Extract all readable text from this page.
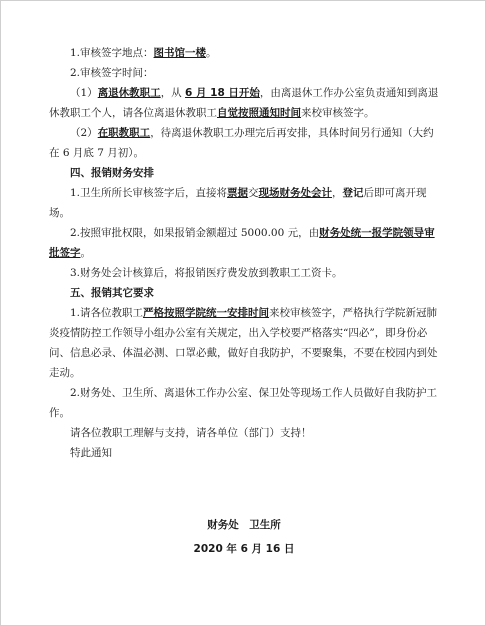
1.审核签字地点：图书馆一楼。

2.审核签字时间：

（1）离退休教职工，从 6 月 18 日开始，由离退休工作办公室负责通知到离退休教职工个人，请各位离退休教职工自觉按照通知时间来校审核签字。

（2）在职教职工，待离退休教职工办理完后再安排，具体时间另行通知（大约在 6 月底 7 月初）。

四、报销财务安排

1.卫生所所长审核签字后，直接将票据交现场财务处会计，登记后即可离开现场。

2.按照审批权限，如果报销金额超过 5000.00 元，由财务处统一报学院领导审批签字。

3.财务处会计核算后，将报销医疗费发放到教职工工资卡。

五、报销其它要求

1.请各位教职工严格按照学院统一安排时间来校审核签字，严格执行学院新冠肺炎疫情防控工作领导小组办公室有关规定，出入学校要严格落实“四必”，即身份必问、信息必录、体温必测、口罩必戴，做好自我防护，不要聚集，不要在校园内到处走动。

2.财务处、卫生所、离退休工作办公室、保卫处等现场工作人员做好自我防护工作。

请各位教职工理解与支持，请各单位（部门）支持！

特此通知

财务处　卫生所
2020 年 6 月 16 日
